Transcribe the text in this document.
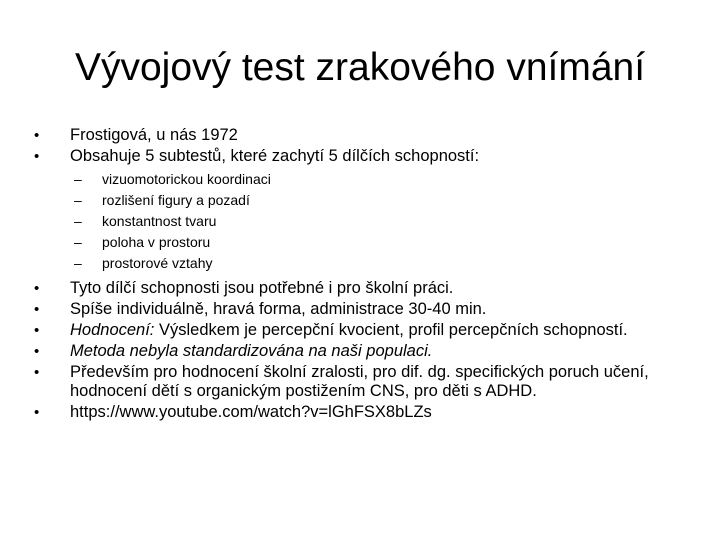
Vývojový test zrakového vnímání
•	Frostigová, u nás 1972
•	Obsahuje 5 subtestů, které zachytí 5 dílčích schopností:
– vizuomotorickou koordinaci
– rozlišení figury a pozadí
– konstantnost tvaru
– poloha v prostoru
– prostorové vztahy
•	Tyto dílčí schopnosti jsou potřebné i pro školní práci.
•	Spíše individuálně, hravá forma, administrace 30-40 min.
•	Hodnocení: Výsledkem je percepční kvocient, profil percepčních schopností.
•	Metoda nebyla standardizována na naši populaci.
•	Především pro hodnocení školní zralosti, pro dif. dg. specifických poruch učení, hodnocení dětí s organickým postižením CNS, pro děti s ADHD.
•	https://www.youtube.com/watch?v=lGhFSX8bLZs
